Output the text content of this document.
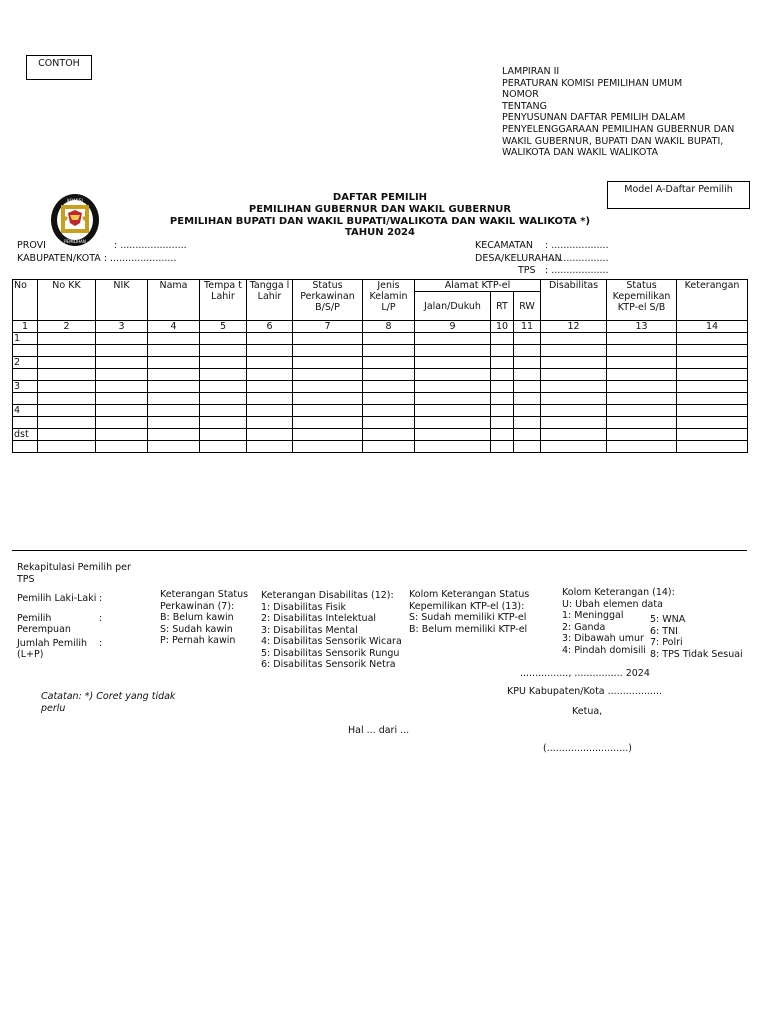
CONTOH
LAMPIRAN II
PERATURAN KOMISI PEMILIHAN UMUM
NOMOR
TENTANG
PENYUSUNAN DAFTAR PEMILIH DALAM
PENYELENGGARAAN PEMILIHAN GUBERNUR DAN
WAKIL GUBERNUR, BUPATI DAN WAKIL BUPATI,
WALIKOTA DAN WAKIL WALIKOTA
Model A-Daftar Pemilih
KOMISI
PEMILIHAN
DAFTAR PEMILIH
PEMILIHAN GUBERNUR DAN WAKIL GUBERNUR
PEMILIHAN BUPATI DAN WAKIL BUPATI/WALIKOTA DAN WAKIL WALIKOTA *)
TAHUN 2024
PROVI	: ......................
KABUPATEN/KOTA : ......................
KECAMATAN : ...................
DESA/KELURAHAN: ...................
TPS : ...................
No	No KK	NIK	Nama	Tempa t Lahir	Tangga l Lahir	Status Perkawinan B/S/P	Jenis Kelamin L/P	Alamat KTP-el			Disabilitas	Status Kepemilikan KTP-el S/B	Keterangan
								Jalan/Dukuh	RT	RW			
1	2	3	4	5	6	7	8	9	10	11	12	13	14
1													

2													

3													

4													

dst													

Rekapitulasi Pemilih per TPS
Pemilih Laki-Laki :
Pemilih Perempuan
:
Jumlah Pemilih (L+P)
:
Catatan: *) Coret yang tidak perlu
Keterangan Status
Perkawinan (7):
B: Belum kawin
S: Sudah kawin
P: Pernah kawin
Keterangan Disabilitas (12):
1: Disabilitas Fisik
2: Disabilitas Intelektual
3: Disabilitas Mental
4: Disabilitas Sensorik Wicara
5: Disabilitas Sensorik Rungu
6: Disabilitas Sensorik Netra
Kolom Keterangan Status
Kepemilikan KTP-el (13):
S: Sudah memiliki KTP-el
B: Belum memiliki KTP-el
Kolom Keterangan (14):
U: Ubah elemen data
1: Meninggal
2: Ganda
3: Dibawah umur
4: Pindah domisili
5: WNA
6: TNI
7: Polri
8: TPS Tidak Sesuai
................, ................ 2024
KPU Kabupaten/Kota ..................
Ketua,
Hal ... dari ...
(...........................)
